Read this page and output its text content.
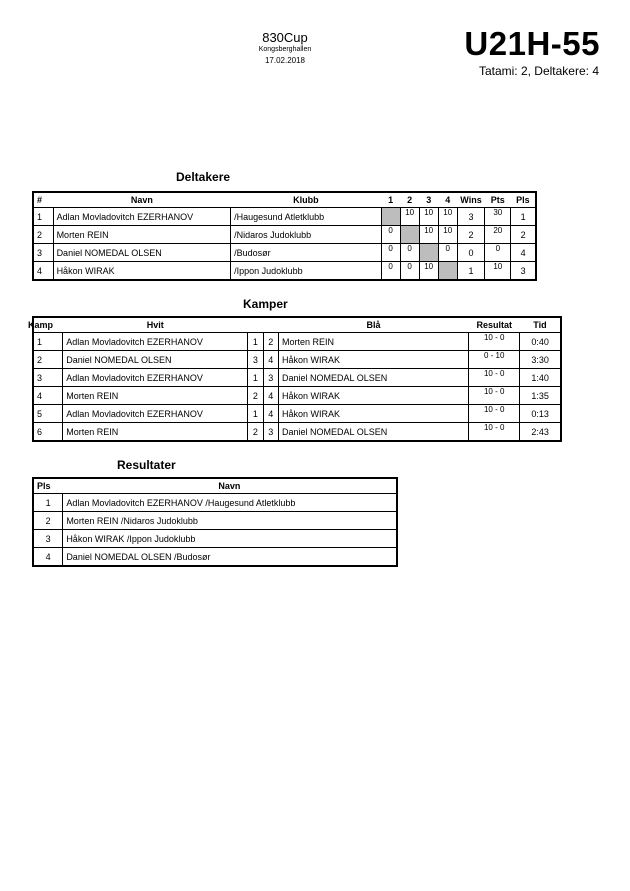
830Cup
Kongsberghallen
17.02.2018	U21H-55
Tatami: 2, Deltakere: 4
Deltakere
#	Navn	Klubb	1	2	3	4	Wins	Pts	Pls
1	Adlan Movladovitch EZERHANOV	/Haugesund Atletklubb		10	10	10	3	30	1
2	Morten REIN	/Nidaros Judoklubb	0		10	10	2	20	2
3	Daniel NOMEDAL OLSEN	/Budosør	0	0		0	0	0	4
4	Håkon WIRAK	/Ippon Judoklubb	0	0	10		1	10	3
Kamper
Kamp	Hvit			Blå	Resultat	Tid
1	Adlan Movladovitch EZERHANOV	1	2	Morten REIN	10 - 0	0:40
2	Daniel NOMEDAL OLSEN	3	4	Håkon WIRAK	0 - 10	3:30
3	Adlan Movladovitch EZERHANOV	1	3	Daniel NOMEDAL OLSEN	10 - 0	1:40
4	Morten REIN	2	4	Håkon WIRAK	10 - 0	1:35
5	Adlan Movladovitch EZERHANOV	1	4	Håkon WIRAK	10 - 0	0:13
6	Morten REIN	2	3	Daniel NOMEDAL OLSEN	10 - 0	2:43
Resultater
Pls	Navn
1	Adlan Movladovitch EZERHANOV /Haugesund Atletklubb
2	Morten REIN /Nidaros Judoklubb
3	Håkon WIRAK /Ippon Judoklubb
4	Daniel NOMEDAL OLSEN /Budosør
